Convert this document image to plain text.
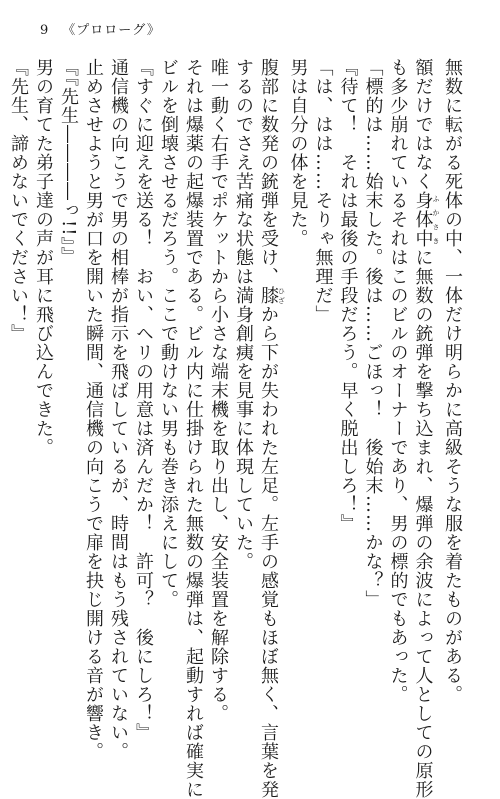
9 《プロローグ》

無数に転がる死体の中、一体だけ明らかに高級そうな服を着たものがある。

額だけではなく身体中ふかさきに無数の銃弾を撃ち込まれ、爆弾の余波によって人としての原形

も多少崩れているそれはこのビルのオーナーであり、男の標的でもあった。

「標的は……始末した。後は……ごほっ！　後始末……かな？」

『待て！　それは最後の手段だろう。早く脱出しろ！』

「は、はは……そりゃ無理だ」

男は自分の体を見た。

腹部に数発の銃弾を受け、膝ひざから下が失われた左足。左手の感覚もほぼ無く、言葉を発

するのでさえ苦痛な状態は満身創痍を見事に体現していた。

唯一動く右手でポケットから小さな端末機を取り出し、安全装置を解除する。

それは爆薬の起爆装置である。ビル内に仕掛けられた無数の爆弾は、起動すれば確実に

ビルを倒壊させるだろう。ここで動けない男も巻き添えにして。

『すぐに迎えを送る！　おい、ヘリの用意は済んだか！　許可？　後にしろ！』

通信機の向こうで男の相棒が指示を飛ばしているが、時間はもう残されていない。

止めさせようと男が口を開いた瞬間、通信機の向こうで扉を抉じ開ける音が響き。

『『先生――――っ!!』』

男の育てた弟子達の声が耳に飛び込んできた。

『先生、諦めないでください！』
